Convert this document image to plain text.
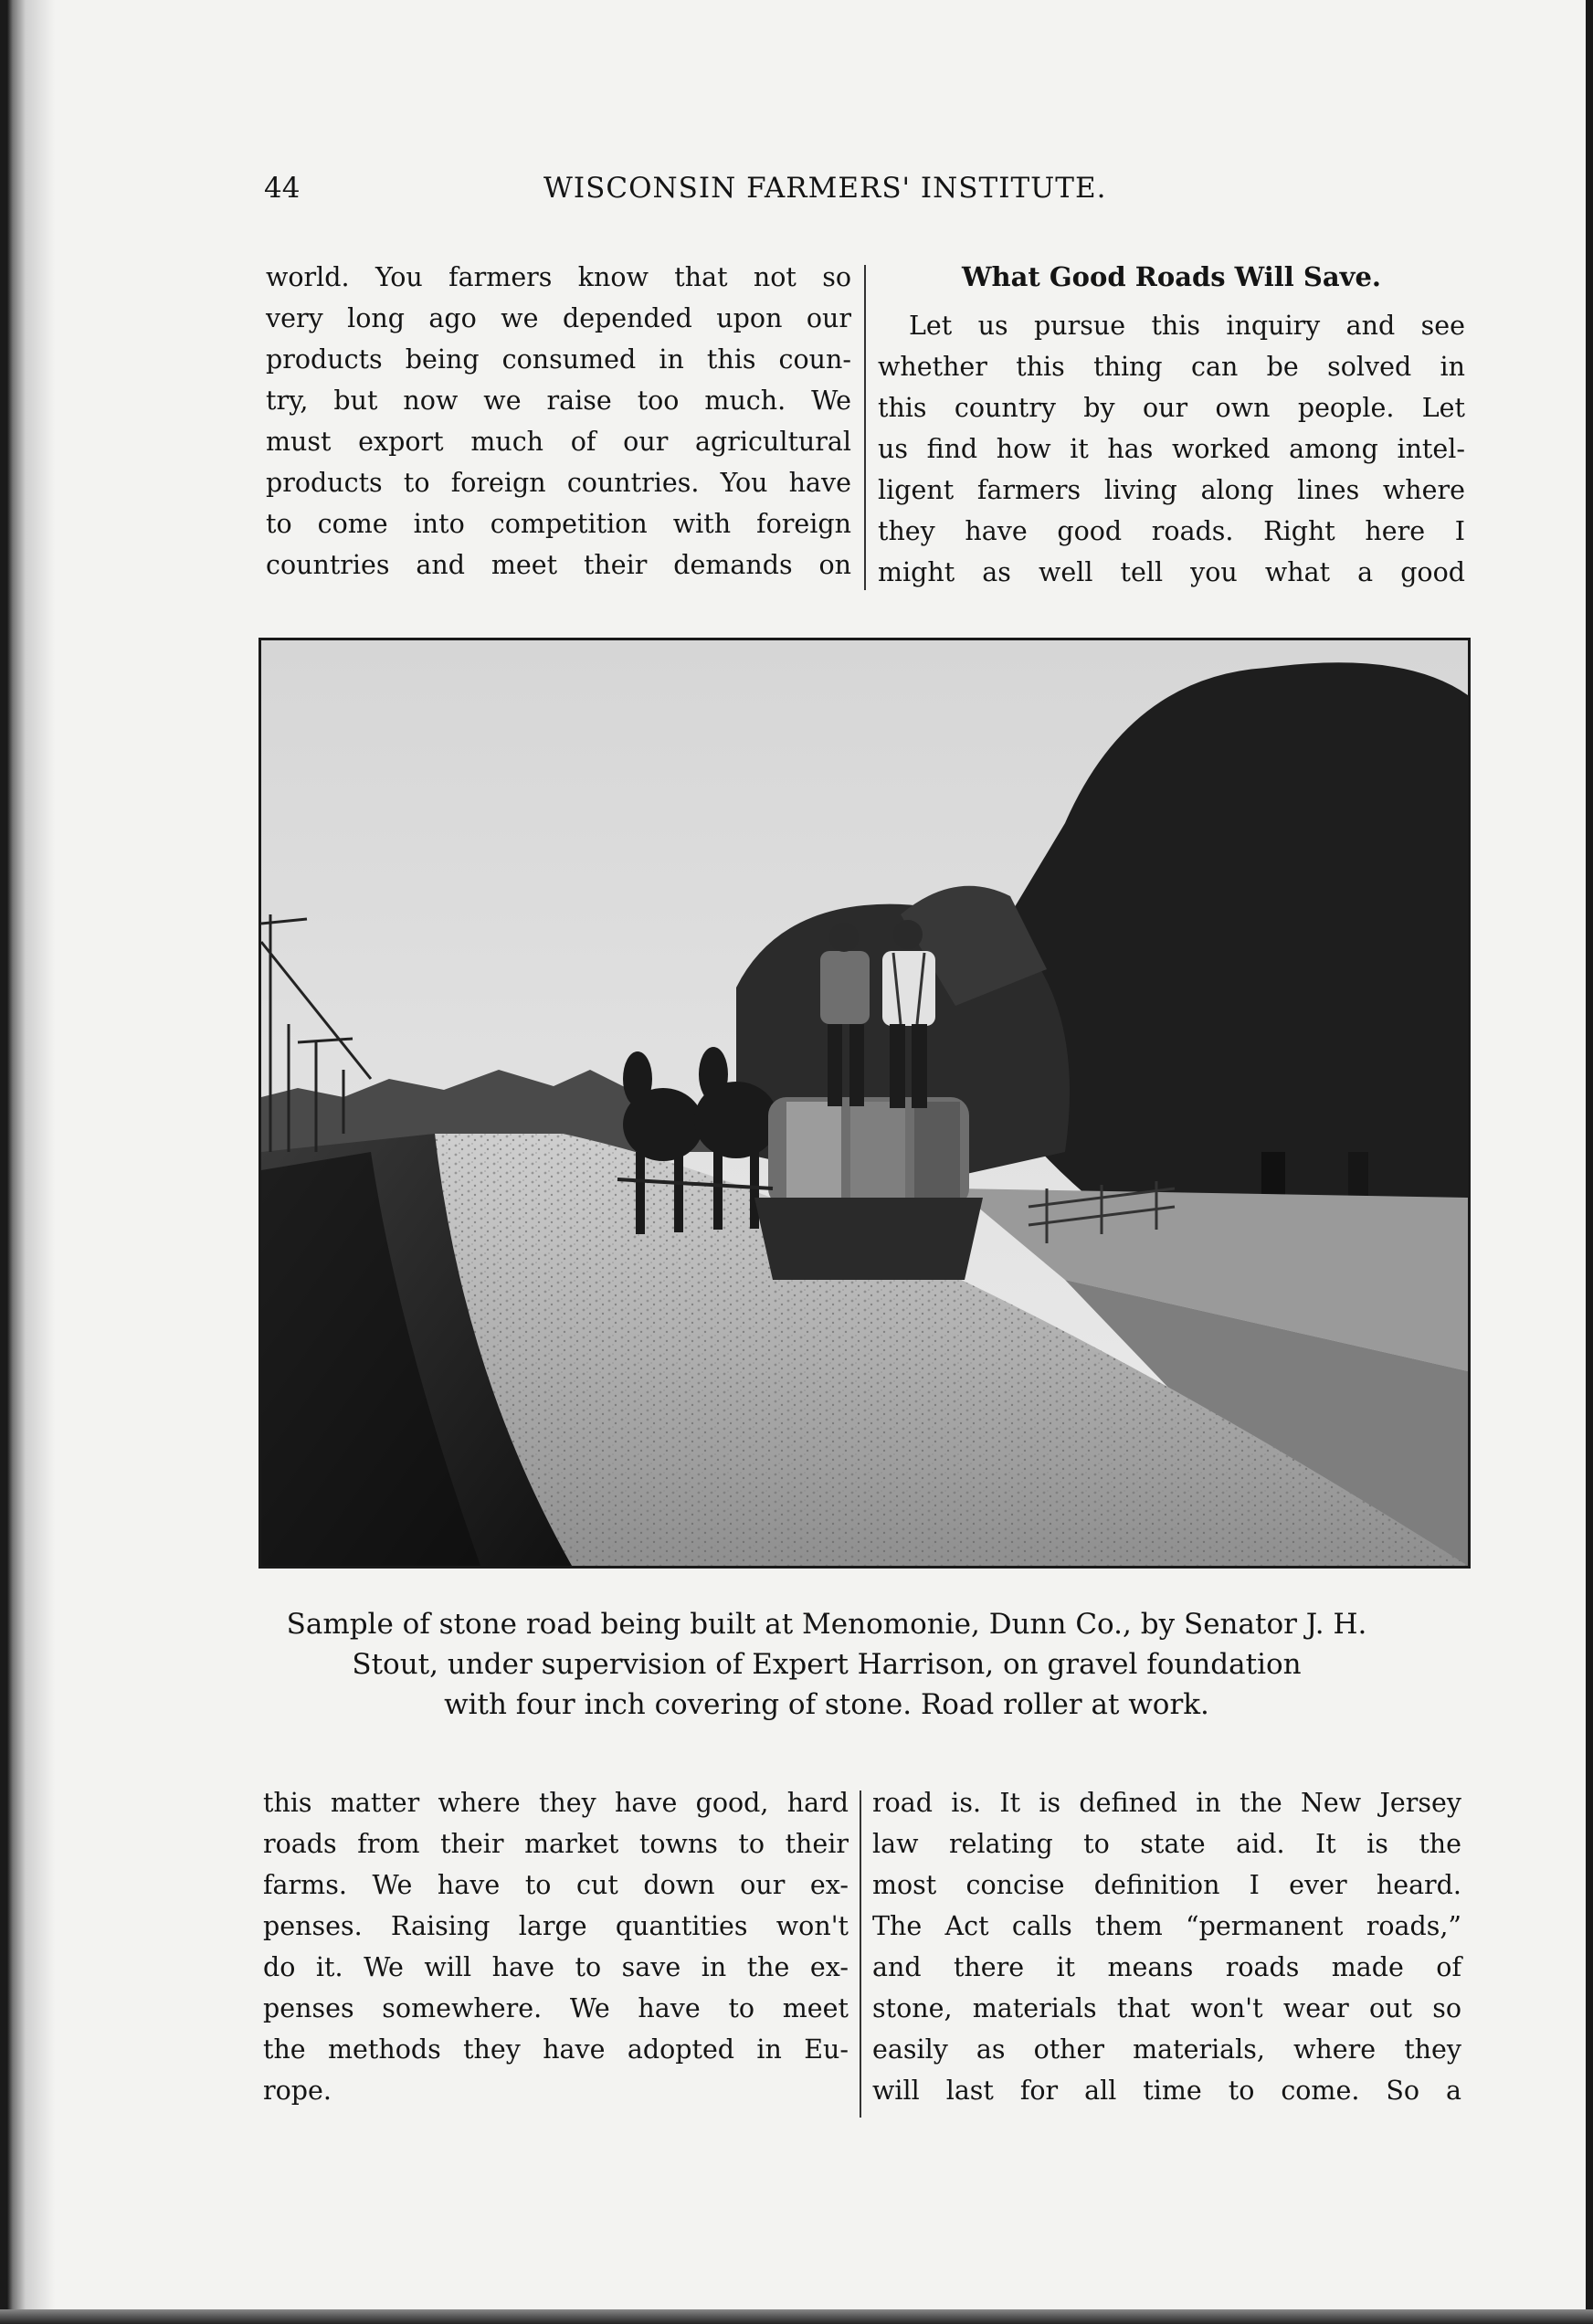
44	WISCONSIN FARMERS' INSTITUTE.

world. You farmers know that not so

very long ago we depended upon our

products being consumed in this coun-

try, but now we raise too much. We

must export much of our agricultural

products to foreign countries. You have

to come into competition with foreign

countries and meet their demands on

What Good Roads Will Save.

Let us pursue this inquiry and see

whether this thing can be solved in

this country by our own people. Let

us find how it has worked among intel-

ligent farmers living along lines where

they have good roads. Right here I

might as well tell you what a good

Sample of stone road being built at Menomonie, Dunn Co., by Senator J. H.
Stout, under supervision of Expert Harrison, on gravel foundation
with four inch covering of stone. Road roller at work.

this matter where they have good, hard

roads from their market towns to their

farms. We have to cut down our ex-

penses. Raising large quantities won't

do it. We will have to save in the ex-

penses somewhere. We have to meet

the methods they have adopted in Eu-

rope.

road is. It is defined in the New Jersey

law relating to state aid. It is the

most concise definition I ever heard.

The Act calls them “permanent roads,”

and there it means roads made of

stone, materials that won't wear out so

easily as other materials, where they

will last for all time to come. So a
